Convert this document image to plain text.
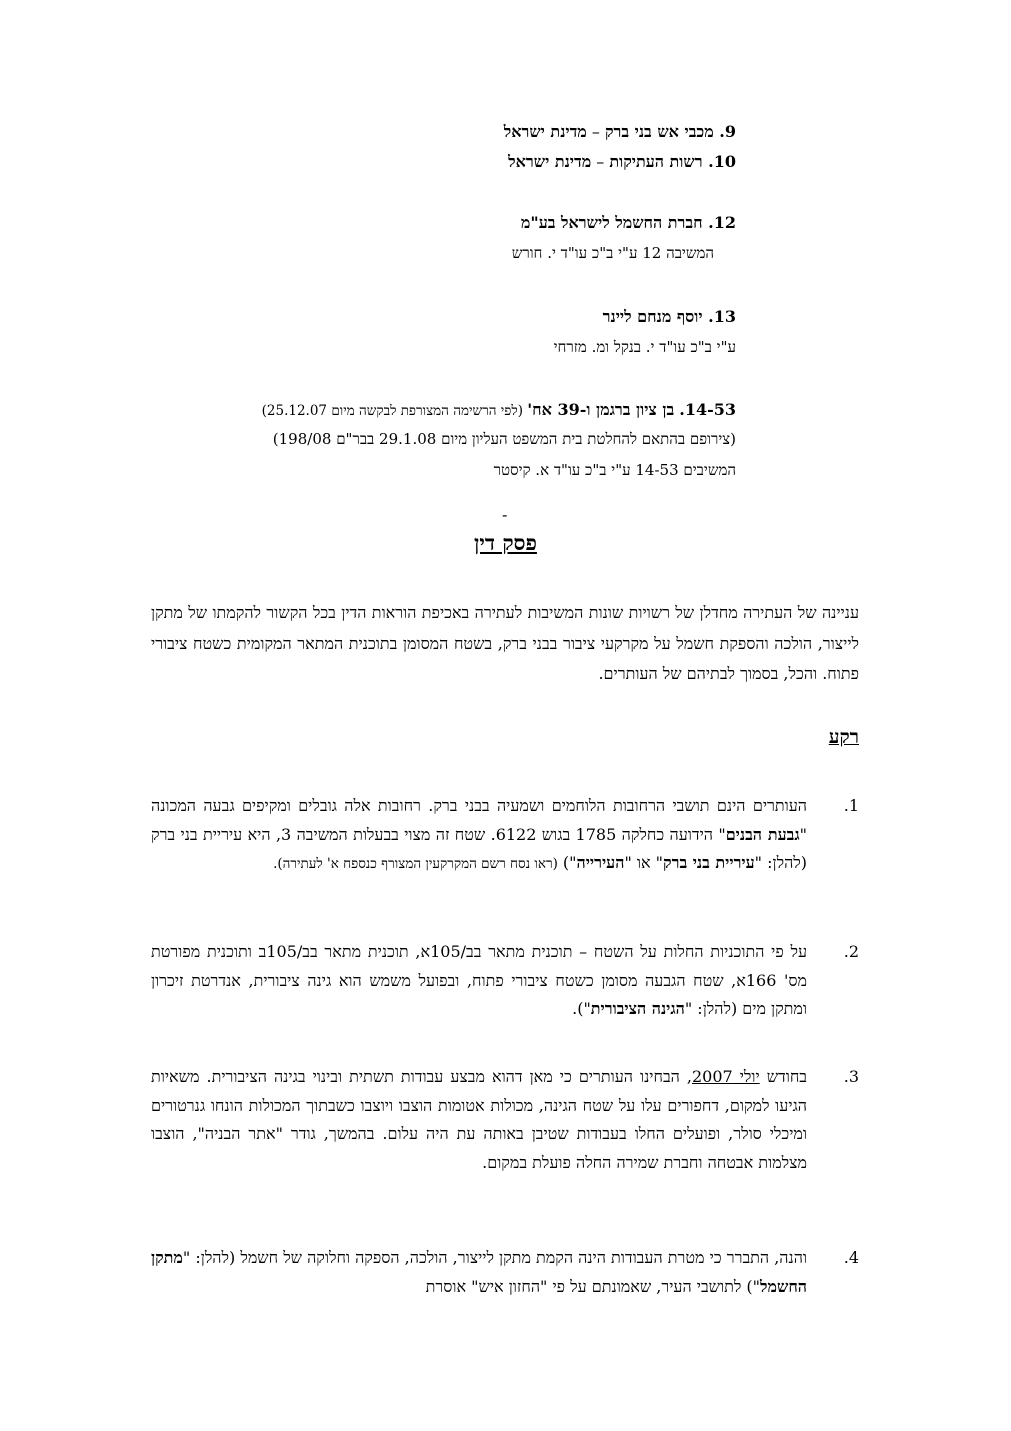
9. מכבי אש בני ברק – מדינת ישראל
10. רשות העתיקות – מדינת ישראל
12. חברת החשמל לישראל בע"מ
המשיבה 12 ע"י ב"כ עו"ד י. חורש
13. יוסף מנחם ליינר
ע"י ב"כ עו"ד י. בנקל ומ. מזרחי
14-53. בן ציון ברגמן ו-39 אח' (לפי הרשימה המצורפת לבקשה מיום 25.12.07)
(צירופם בהתאם להחלטת בית המשפט העליון מיום 29.1.08 בבר"ם 198/08)
המשיבים 14-53 ע"י ב"כ עו"ד א. קיסטר
-
פסק דין
עניינה של העתירה מחדלן של רשויות שונות המשיבות לעתירה באכיפת הוראות הדין בכל הקשור להקמתו של מתקן לייצור, הולכה והספקת חשמל על מקרקעי ציבור בבני ברק, בשטח המסומן בתוכנית המתאר המקומית כשטח ציבורי פתוח. והכל, בסמוך לבתיהם של העותרים.
רקע
1.
העותרים הינם תושבי הרחובות הלוחמים ושמעיה בבני ברק. רחובות אלה גובלים ומקיפים גבעה המכונה "גבעת הבנים" הידועה כחלקה 1785 בגוש 6122. שטח זה מצוי בבעלות המשיבה 3, היא עיריית בני ברק (להלן: "עיריית בני ברק" או "העירייה") (ראו נסח רשם המקרקעין המצורף כנספח א' לעתירה).
2.
על פי התוכניות החלות על השטח – תוכנית מתאר בב/105א, תוכנית מתאר בב/105ב ותוכנית מפורטת מס' 166א, שטח הגבעה מסומן כשטח ציבורי פתוח, ובפועל משמש הוא גינה ציבורית, אנדרטת זיכרון ומתקן מים (להלן: "הגינה הציבורית").
3.
בחודש יולי 2007, הבחינו העותרים כי מאן דהוא מבצע עבודות תשתית ובינוי בגינה הציבורית. משאיות הגיעו למקום, דחפורים עלו על שטח הגינה, מכולות אטומות הוצבו ויוצבו כשבתוך המכולות הונחו גנרטורים ומיכלי סולר, ופועלים החלו בעבודות שטיבן באותה עת היה עלום. בהמשך, גודר "אתר הבניה", הוצבו מצלמות אבטחה וחברת שמירה החלה פועלת במקום.
4.
והנה, התברר כי מטרת העבודות הינה הקמת מתקן לייצור, הולכה, הספקה וחלוקה של חשמל (להלן: "מתקן החשמל") לתושבי העיר, שאמונתם על פי "החזון איש" אוסרת
